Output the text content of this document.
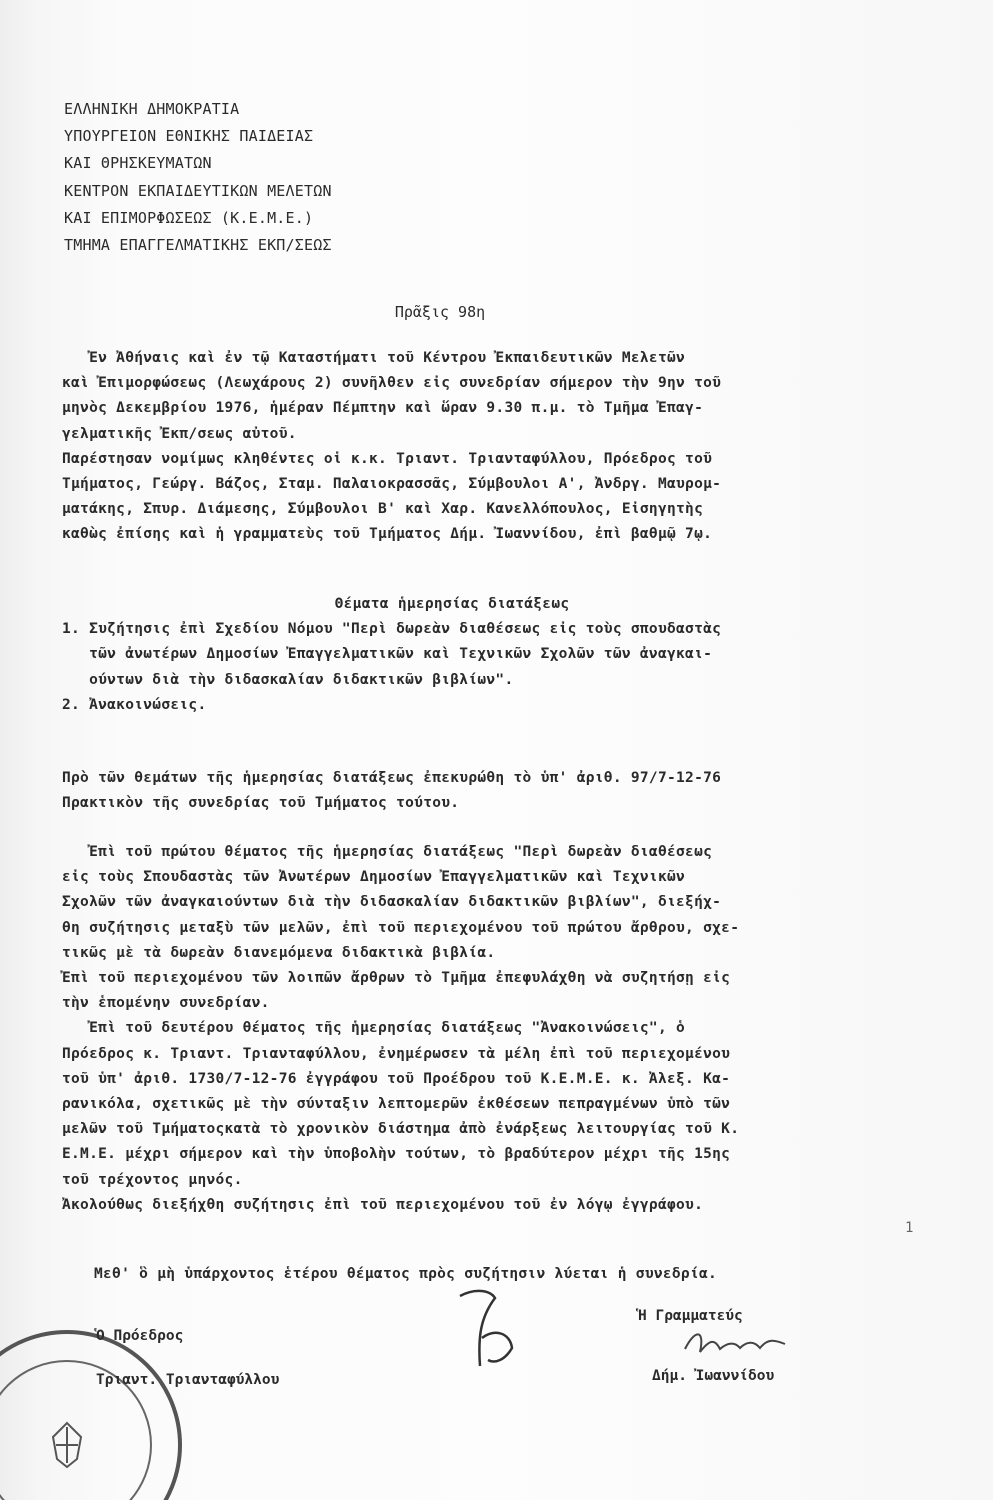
ΕΛΛΗΝΙΚΗ ΔΗΜΟΚΡΑΤΙΑ
ΥΠΟΥΡΓΕΙΟΝ ΕΘΝΙΚΗΣ ΠΑΙΔΕΙΑΣ
ΚΑΙ ΘΡΗΣΚΕΥΜΑΤΩΝ
ΚΕΝΤΡΟΝ ΕΚΠΑΙΔΕΥΤΙΚΩΝ ΜΕΛΕΤΩΝ
ΚΑΙ ΕΠΙΜΟΡΦΩΣΕΩΣ (Κ.Ε.Μ.Ε.)
ΤΜΗΜΑ ΕΠΑΓΓΕΛΜΑΤΙΚΗΣ ΕΚΠ/ΣΕΩΣ
Πρᾶξις 98η
Ἐν Ἀθήναις καὶ ἐν τῷ Καταστήματι τοῦ Κέντρου Ἐκπαιδευτικῶν Μελετῶν
καὶ Ἐπιμορφώσεως (Λεωχάρους 2) συνῆλθεν εἰς συνεδρίαν σήμερον τὴν 9ην τοῦ
μηνὸς Δεκεμβρίου 1976, ἡμέραν Πέμπτην καὶ ὥραν 9.30 π.μ. τὸ Τμῆμα Ἐπαγ-
γελματικῆς Ἐκπ/σεως αὐτοῦ.
Παρέστησαν νομίμως κληθέντες οἱ κ.κ. Τριαντ. Τριανταφύλλου, Πρόεδρος τοῦ
Τμήματος, Γεώργ. Βάζος, Σταμ. Παλαιοκρασσᾶς, Σύμβουλοι Α', Ἀνδργ. Μαυρομ-
ματάκης, Σπυρ. Διάμεσης, Σύμβουλοι Β' καὶ Χαρ. Κανελλόπουλος, Εἰσηγητὴς
καθὼς ἐπίσης καὶ ἡ γραμματεὺς τοῦ Τμήματος Δήμ. Ἰωαννίδου, ἐπὶ βαθμῷ 7ῳ.
Θέματα ἡμερησίας διατάξεως
1. Συζήτησις ἐπὶ Σχεδίου Νόμου "Περὶ δωρεὰν διαθέσεως εἰς τοὺς σπουδαστὰς
τῶν ἀνωτέρων Δημοσίων Ἐπαγγελματικῶν καὶ Τεχνικῶν Σχολῶν τῶν ἀναγκαι-
ούντων διὰ τὴν διδασκαλίαν διδακτικῶν βιβλίων".
2. Ἀνακοινώσεις.
Πρὸ τῶν θεμάτων τῆς ἡμερησίας διατάξεως ἐπεκυρώθη τὸ ὑπ' ἀριθ. 97/7-12-76
Πρακτικὸν τῆς συνεδρίας τοῦ Τμήματος τούτου.
Ἐπὶ τοῦ πρώτου θέματος τῆς ἡμερησίας διατάξεως "Περὶ δωρεὰν διαθέσεως
εἰς τοὺς Σπουδαστὰς τῶν Ἀνωτέρων Δημοσίων Ἐπαγγελματικῶν καὶ Τεχνικῶν
Σχολῶν τῶν ἀναγκαιούντων διὰ τὴν διδασκαλίαν διδακτικῶν βιβλίων", διεξήχ-
θη συζήτησις μεταξὺ τῶν μελῶν, ἐπὶ τοῦ περιεχομένου τοῦ πρώτου ἄρθρου, σχε-
τικῶς μὲ τὰ δωρεὰν διανεμόμενα διδακτικὰ βιβλία.
Ἐπὶ τοῦ περιεχομένου τῶν λοιπῶν ἄρθρων τὸ Τμῆμα ἐπεφυλάχθη νὰ συζητήσῃ εἰς
τὴν ἑπομένην συνεδρίαν.
Ἐπὶ τοῦ δευτέρου θέματος τῆς ἡμερησίας διατάξεως "Ἀνακοινώσεις", ὁ
Πρόεδρος κ. Τριαντ. Τριανταφύλλου, ἐνημέρωσεν τὰ μέλη ἐπὶ τοῦ περιεχομένου
τοῦ ὑπ' ἀριθ. 1730/7-12-76 ἐγγράφου τοῦ Προέδρου τοῦ Κ.Ε.Μ.Ε. κ. Ἀλεξ. Κα-
ρανικόλα, σχετικῶς μὲ τὴν σύνταξιν λεπτομερῶν ἐκθέσεων πεπραγμένων ὑπὸ τῶν
μελῶν τοῦ Τμήματοςκατὰ τὸ χρονικὸν διάστημα ἀπὸ ἐνάρξεως λειτουργίας τοῦ Κ.
Ε.Μ.Ε. μέχρι σήμερον καὶ τὴν ὑποβολὴν τούτων, τὸ βραδύτερον μέχρι τῆς 15ης
τοῦ τρέχοντος μηνός.
Ἀκολούθως διεξήχθη συζήτησις ἐπὶ τοῦ περιεχομένου τοῦ ἐν λόγῳ ἐγγράφου.
Μεθ' ὃ μὴ ὑπάρχοντος ἑτέρου θέματος πρὸς συζήτησιν λύεται ἡ συνεδρία.
1
Ὁ Πρόεδρος
Τριαντ. Τριανταφύλλου
Ἡ Γραμματεύς
Δήμ. Ἰωαννίδου
